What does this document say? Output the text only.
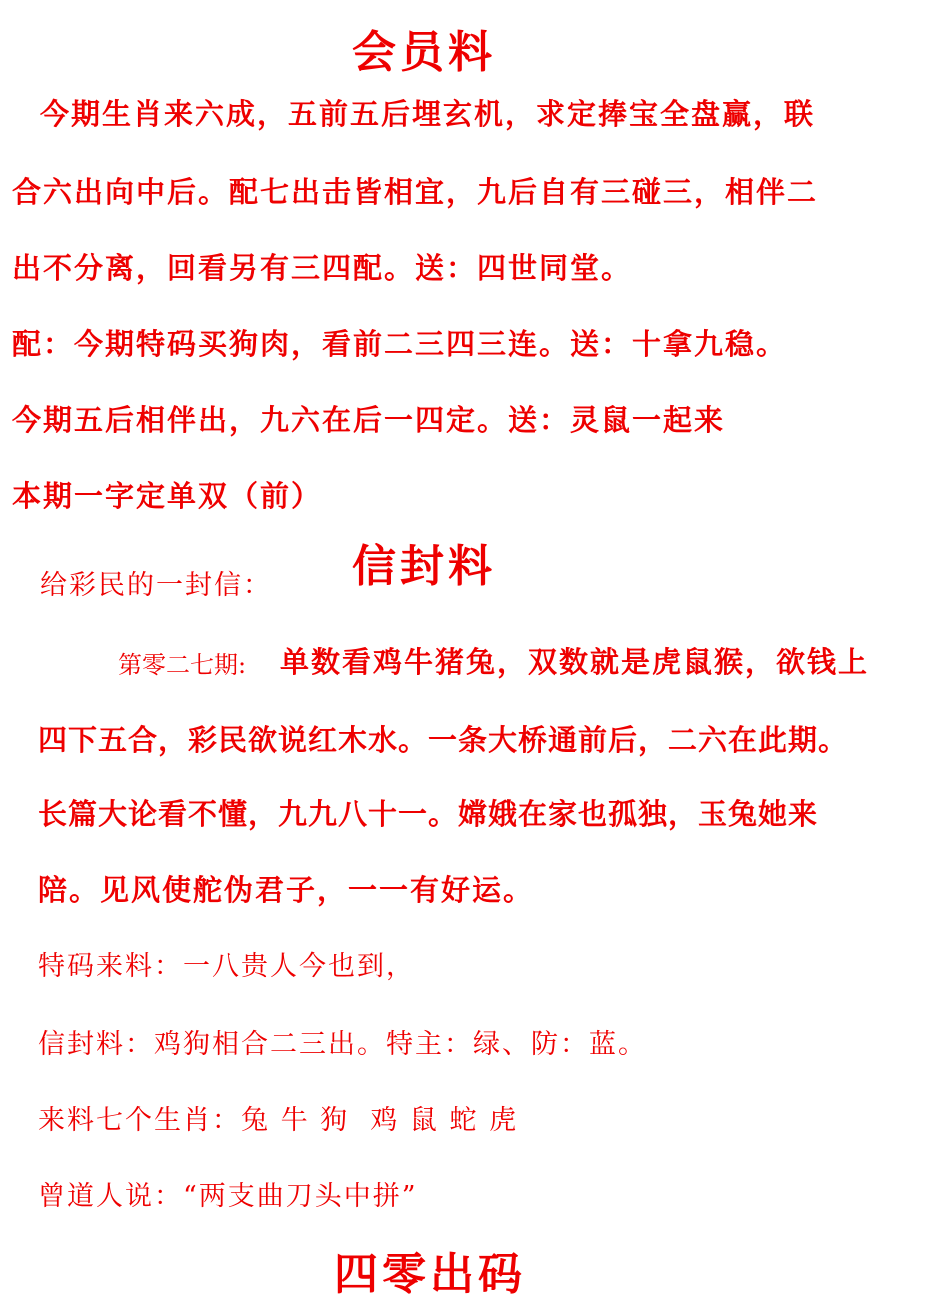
会员料
今期生肖来六成，五前五后埋玄机，求定捧宝全盘赢，联
合六出向中后。配七出击皆相宜，九后自有三碰三，相伴二
出不分离，回看另有三四配。送：四世同堂。
配：今期特码买狗肉，看前二三四三连。送：十拿九稳。
今期五后相伴出，九六在后一四定。送：灵鼠一起来
本期一字定单双（前）
信封料
给彩民的一封信：
第零二七期: 单数看鸡牛猪兔，双数就是虎鼠猴，欲钱上
四下五合，彩民欲说红木水。一条大桥通前后，二六在此期。
长篇大论看不懂，九九八十一。嫦娥在家也孤独，玉兔她来
陪。见风使舵伪君子，一一有好运。
特码来料：一八贵人今也到，
信封料：鸡狗相合二三出。特主：绿、防：蓝。
来料七个生肖：兔 牛 狗  鸡 鼠 蛇 虎
曾道人说：“两支曲刀头中拼”
四零出码
